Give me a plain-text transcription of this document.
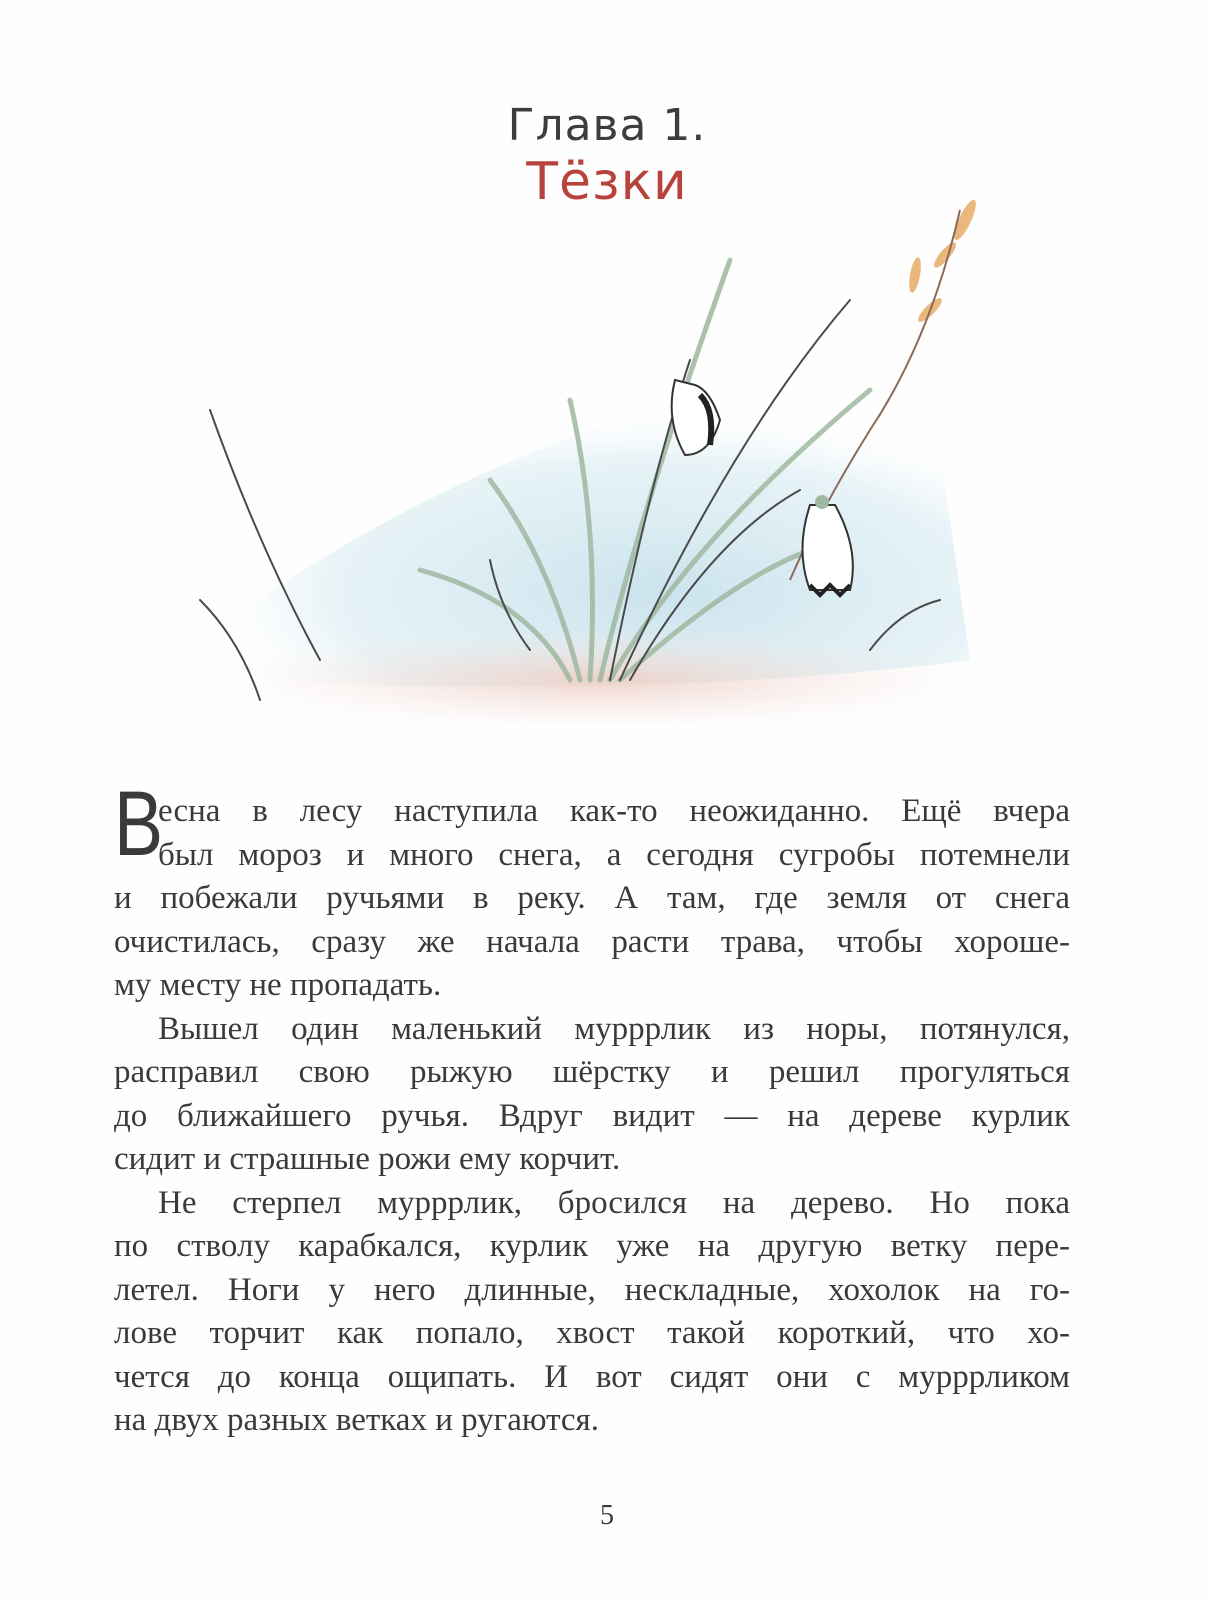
Глава 1.
Тёзки
В
есна в лесу наступила как-то неожиданно. Ещё вчера
был мороз и много снега, а сегодня сугробы потемнели
и побежали ручьями в реку. А там, где земля от снега
очистилась, сразу же начала расти трава, чтобы хороше-
му месту не пропадать.
Вышел один маленький мурррлик из норы, потянулся,
расправил свою рыжую шёрстку и решил прогуляться
до ближайшего ручья. Вдруг видит — на дереве курлик
сидит и страшные рожи ему корчит.
Не стерпел мурррлик, бросился на дерево. Но пока
по стволу карабкался, курлик уже на другую ветку пере-
летел. Ноги у него длинные, нескладные, хохолок на го-
лове торчит как попало, хвост такой короткий, что хо-
чется до конца ощипать. И вот сидят они с мурррликом
на двух разных ветках и ругаются.
5
